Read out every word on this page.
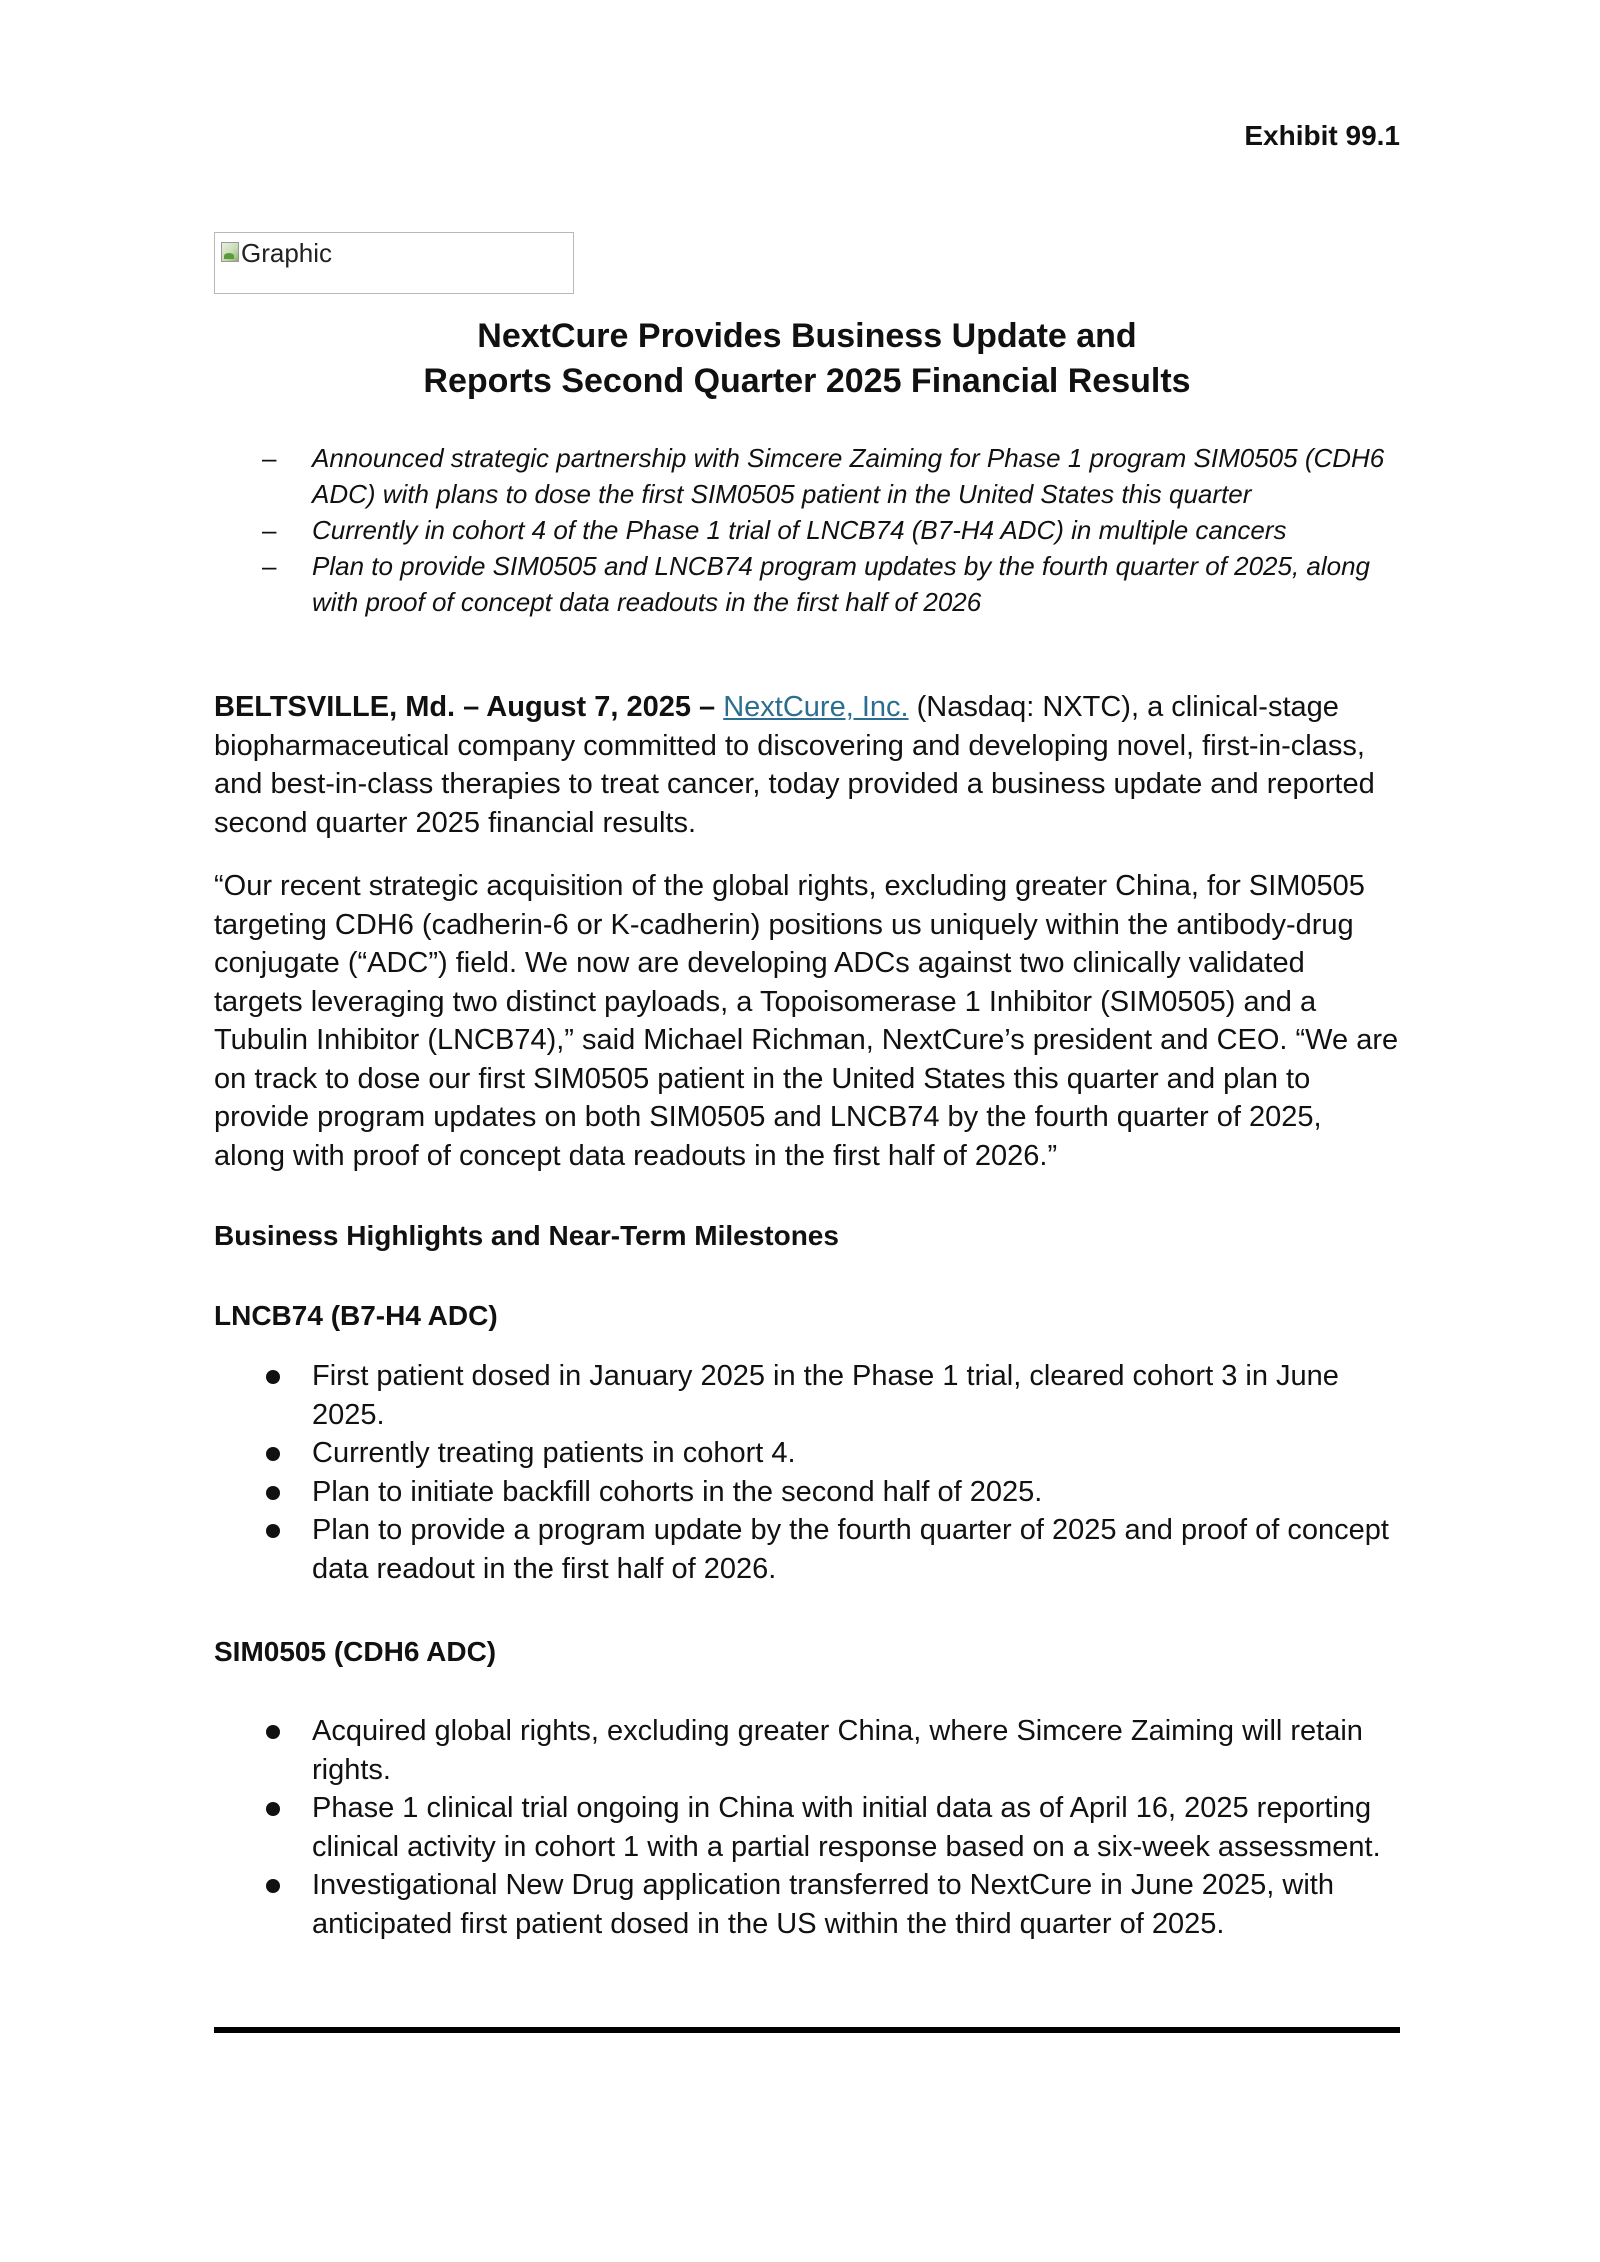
Exhibit 99.1
Graphic
NextCure Provides Business Update and
Reports Second Quarter 2025 Financial Results
– Announced strategic partnership with Simcere Zaiming for Phase 1 program SIM0505 (CDH6 ADC) with plans to dose the first SIM0505 patient in the United States this quarter
– Currently in cohort 4 of the Phase 1 trial of LNCB74 (B7-H4 ADC) in multiple cancers
– Plan to provide SIM0505 and LNCB74 program updates by the fourth quarter of 2025, along with proof of concept data readouts in the first half of 2026

BELTSVILLE, Md. – August 7, 2025 – NextCure, Inc. (Nasdaq: NXTC), a clinical-stage biopharmaceutical company committed to discovering and developing novel, first-in-class, and best-in-class therapies to treat cancer, today provided a business update and reported second quarter 2025 financial results.

“Our recent strategic acquisition of the global rights, excluding greater China, for SIM0505 targeting CDH6 (cadherin-6 or K-cadherin) positions us uniquely within the antibody-drug conjugate (“ADC”) field. We now are developing ADCs against two clinically validated targets leveraging two distinct payloads, a Topoisomerase 1 Inhibitor (SIM0505) and a Tubulin Inhibitor (LNCB74),” said Michael Richman, NextCure’s president and CEO. “We are on track to dose our first SIM0505 patient in the United States this quarter and plan to provide program updates on both SIM0505 and LNCB74 by the fourth quarter of 2025, along with proof of concept data readouts in the first half of 2026.”

Business Highlights and Near-Term Milestones
LNCB74 (B7-H4 ADC)
First patient dosed in January 2025 in the Phase 1 trial, cleared cohort 3 in June 2025.
Currently treating patients in cohort 4.
Plan to initiate backfill cohorts in the second half of 2025.
Plan to provide a program update by the fourth quarter of 2025 and proof of concept data readout in the first half of 2026.
SIM0505 (CDH6 ADC)
Acquired global rights, excluding greater China, where Simcere Zaiming will retain rights.
Phase 1 clinical trial ongoing in China with initial data as of April 16, 2025 reporting clinical activity in cohort 1 with a partial response based on a six-week assessment.
Investigational New Drug application transferred to NextCure in June 2025, with anticipated first patient dosed in the US within the third quarter of 2025.
